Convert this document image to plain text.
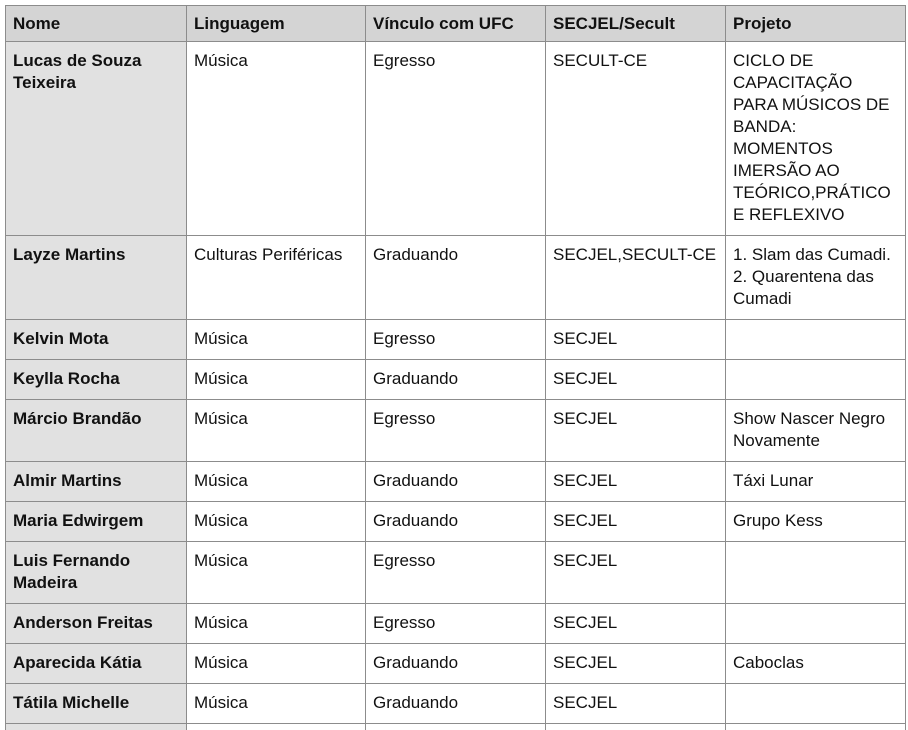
Nome	Linguagem	Vínculo com UFC	SECJEL/Secult	Projeto
Lucas de Souza Teixeira	Música	Egresso	SECULT-CE	CICLO DE CAPACITAÇÃO PARA MÚSICOS DE BANDA: MOMENTOS IMERSÃO AO TEÓRICO,PRÁTICO E REFLEXIVO

Layze Martins	Culturas Periféricas	Graduando	SECJEL,SECULT-CE	1. Slam das Cumadi.
2. Quarentena das Cumadi

Kelvin Mota	Música	Egresso	SECJEL	

Keylla Rocha	Música	Graduando	SECJEL	

Márcio Brandão	Música	Egresso	SECJEL	Show Nascer Negro Novamente

Almir Martins	Música	Graduando	SECJEL	Táxi Lunar

Maria Edwirgem	Música	Graduando	SECJEL	Grupo Kess

Luis Fernando Madeira	Música	Egresso	SECJEL	

Anderson Freitas	Música	Egresso	SECJEL	

Aparecida Kátia	Música	Graduando	SECJEL	Caboclas

Tátila Michelle	Música	Graduando	SECJEL	
